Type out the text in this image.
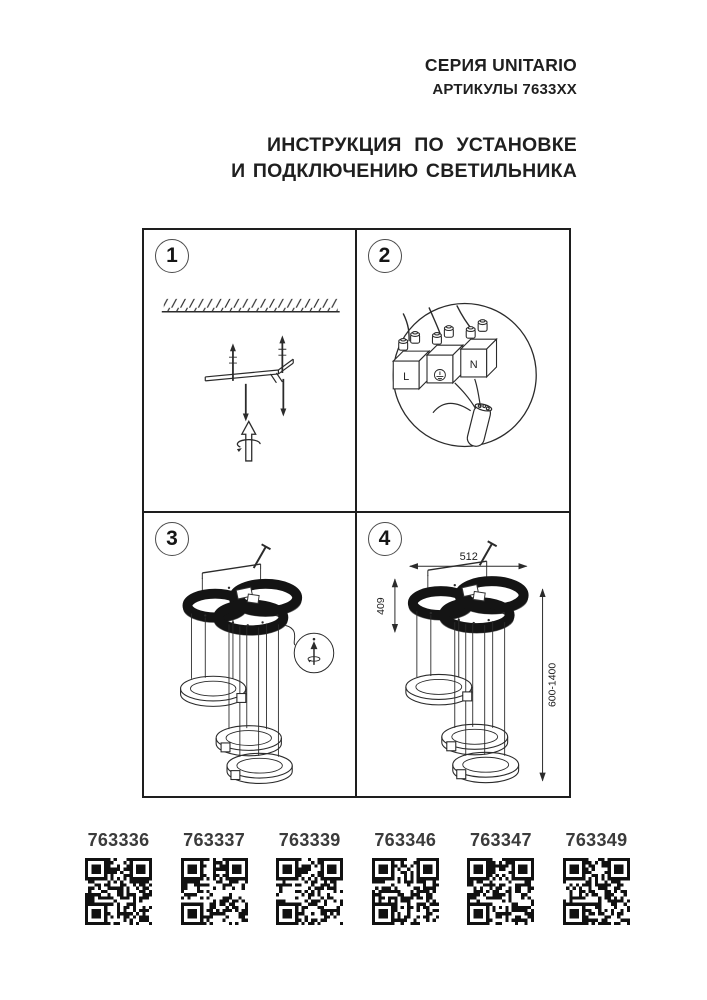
СЕРИЯ UNITARIO
АРТИКУЛЫ 7633XX
ИНСТРУКЦИЯ ПО УСТАНОВКЕ
И ПОДКЛЮЧЕНИЮ СВЕТИЛЬНИКА
1	2
L
N
3	4
512
409
600-1400
763336 763337 763339 763346 763347 763349
